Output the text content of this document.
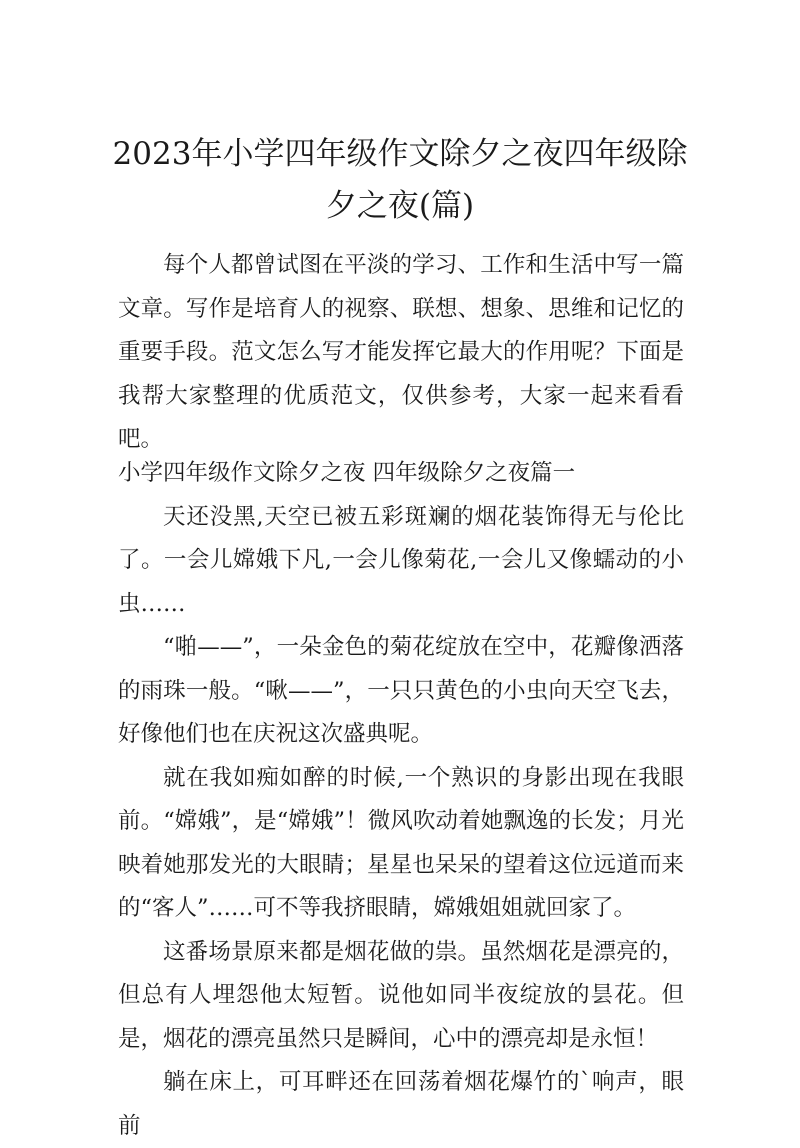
2023年小学四年级作文除夕之夜四年级除夕之夜(篇)

每个人都曾试图在平淡的学习、工作和生活中写一篇文章。写作是培育人的视察、联想、想象、思维和记忆的重要手段。范文怎么写才能发挥它最大的作用呢？下面是我帮大家整理的优质范文，仅供参考，大家一起来看看吧。

小学四年级作文除夕之夜 四年级除夕之夜篇一

天还没黑,天空已被五彩斑斓的烟花装饰得无与伦比了。一会儿嫦娥下凡,一会儿像菊花,一会儿又像蠕动的小虫……

“啪——”，一朵金色的菊花绽放在空中，花瓣像洒落的雨珠一般。“啾——”，一只只黄色的小虫向天空飞去，好像他们也在庆祝这次盛典呢。

就在我如痴如醉的时候,一个熟识的身影出现在我眼前。“嫦娥”，是“嫦娥”！微风吹动着她飘逸的长发；月光映着她那发光的大眼睛；星星也呆呆的望着这位远道而来的“客人”……可不等我挤眼睛，嫦娥姐姐就回家了。

这番场景原来都是烟花做的祟。虽然烟花是漂亮的，但总有人埋怨他太短暂。说他如同半夜绽放的昙花。但是，烟花的漂亮虽然只是瞬间，心中的漂亮却是永恒！

躺在床上，可耳畔还在回荡着烟花爆竹的`响声，眼前
